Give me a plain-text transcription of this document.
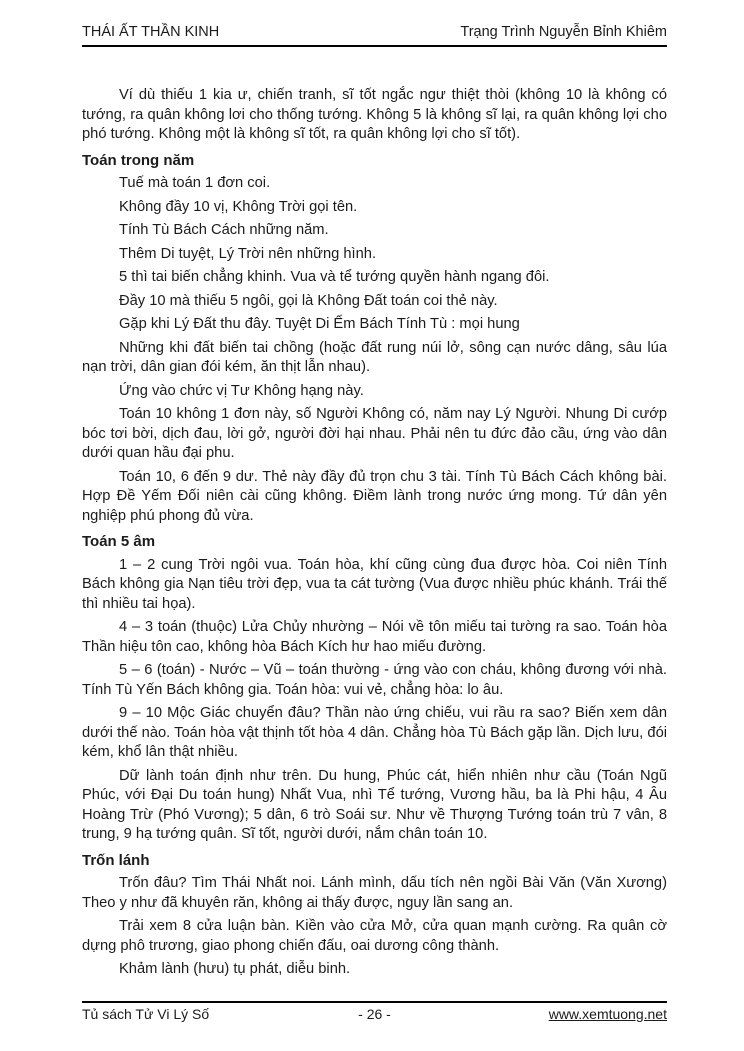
THÁI ẤT THẦN KINH	Trạng Trình Nguyễn Bỉnh Khiêm

Ví dù thiếu 1 kia ư, chiến tranh, sĩ tốt ngắc ngư thiệt thòi (không 10 là không có tướng, ra quân không lơi cho thống tướng. Không 5 là không sĩ lại, ra quân không lợi cho phó tướng. Không một là không sĩ tốt, ra quân không lợi cho sĩ tốt).

Toán trong năm

Tuế mà toán 1 đơn coi.

Không đầy 10 vị, Không Trời gọi tên.

Tính Tù Bách Cách những năm.

Thêm Di tuyệt, Lý Trời nên những hình.

5 thì tai biến chẳng khinh. Vua và tể tướng quyền hành ngang đôi.

Đầy 10 mà thiếu 5 ngôi, gọi là Không Đất toán coi thẻ này.

Gặp khi Lý Đất thu đây. Tuyệt Di Ếm Bách Tính Tù : mọi hung

Những khi đất biến tai chồng (hoặc đất rung núi lở, sông cạn nước dâng, sâu lúa nạn trời, dân gian đói kém, ăn thịt lẫn nhau).

Ứng vào chức vị Tư Không hạng này.

Toán 10 không 1 đơn này, số Người Không có, năm nay Lý Người. Nhung Di cướp bóc tơi bời, dịch đau, lời gở, người đời hại nhau. Phải nên tu đức đảo cầu, ứng vào dân dưới quan hầu đại phu.

Toán 10, 6 đến 9 dư. Thẻ này đầy đủ trọn chu 3 tài. Tính Tù Bách Cách không bài. Hợp Đề Yếm Đối niên cài cũng không. Điềm lành trong nước ứng mong. Tứ dân yên nghiệp phú phong đủ vừa.

Toán 5 âm

1 – 2 cung Trời ngôi vua. Toán hòa, khí cũng cùng đua được hòa. Coi niên Tính Bách không gia Nạn tiêu trời đẹp, vua ta cát tường (Vua được nhiều phúc khánh. Trái thế thì nhiều tai họa).

4 – 3 toán (thuộc) Lửa Chủy nhường – Nói về tôn miếu tai tường ra sao. Toán hòa Thần hiệu tôn cao, không hòa Bách Kích hư hao miếu đường.

5 – 6 (toán) - Nước – Vũ – toán thường - ứng vào con cháu, không đương với nhà. Tính Tù Yến Bách không gia. Toán hòa: vui vẻ, chẳng hòa: lo âu.

9 – 10 Mộc Giác chuyển đâu? Thần nào ứng chiếu, vui rầu ra sao? Biến xem dân dưới thế nào. Toán hòa vật thịnh tốt hòa 4 dân. Chẳng hòa Tù Bách gặp lần. Dịch lưu, đói kém, khổ lân thật nhiều.

Dữ lành toán định như trên. Du hung, Phúc cát, hiển nhiên như cầu (Toán Ngũ Phúc, với Đại Du toán hung) Nhất Vua, nhì Tể tướng, Vương hầu, ba là Phi hậu, 4 Âu Hoàng Trừ (Phó Vương); 5 dân, 6 trò Soái sư. Như về Thượng Tướng toán trù 7 vân, 8 trung, 9 hạ tướng quân. Sĩ tốt, người dưới, nắm chân toán 10.

Trốn lánh

Trốn đâu? Tìm Thái Nhất noi. Lánh mình, dấu tích nên ngồi Bài Văn (Văn Xương) Theo y như đã khuyên răn, không ai thấy được, nguy lần sang an.

Trải xem 8 cửa luận bàn. Kiền vào cửa Mở, cửa quan mạnh cường. Ra quân cờ dựng phô trương, giao phong chiến đấu, oai dương công thành.

Khảm lành (hưu) tụ phát, diễu binh.

Tủ sách Tử Vi Lý Số	- 26 -	www.xemtuong.net
